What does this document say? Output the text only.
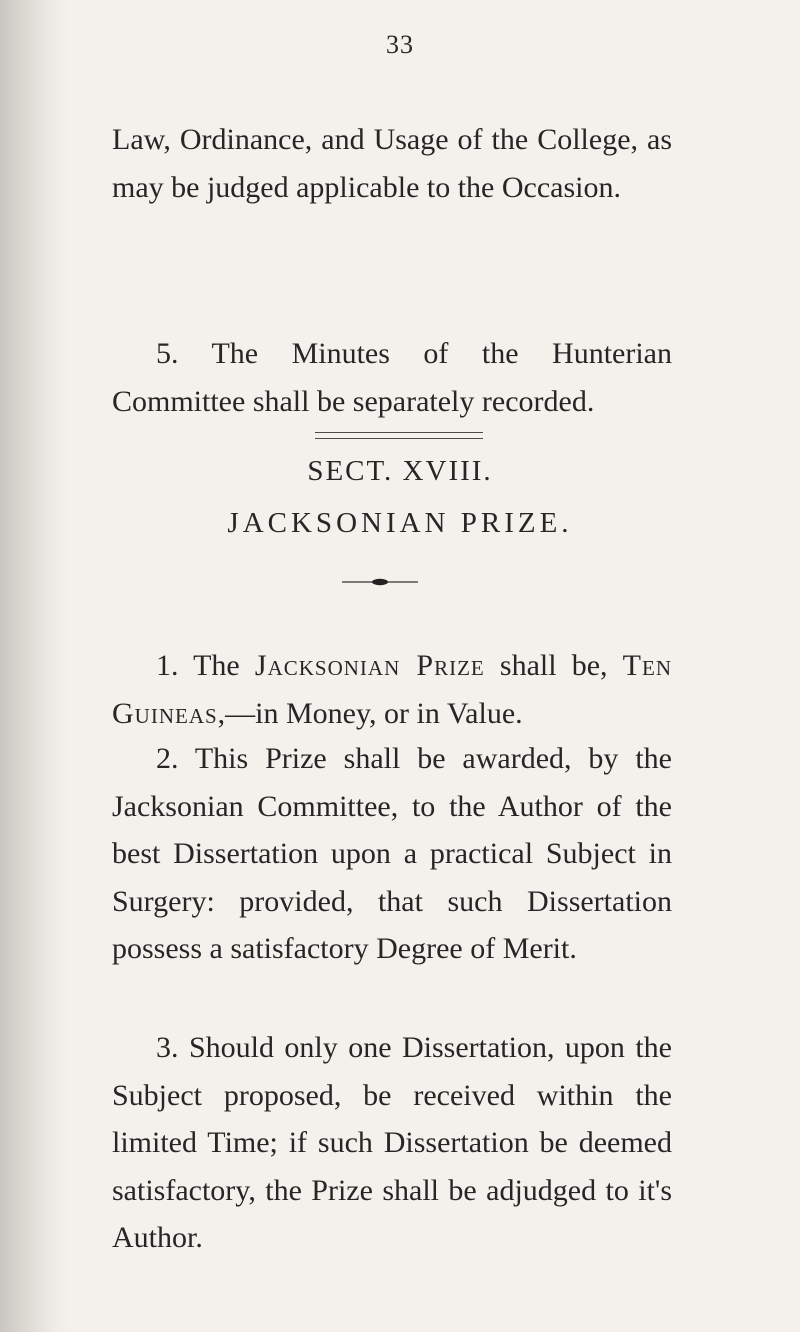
33

Law, Ordinance, and Usage of the College, as may be judged applicable to the Occasion.

5. The Minutes of the Hunterian Committee shall be separately recorded.

SECT. XVIII.
JACKSONIAN PRIZE.

1. The Jacksonian Prize shall be, Ten Guineas,—in Money, or in Value.

2. This Prize shall be awarded, by the Jacksonian Committee, to the Author of the best Dissertation upon a practical Subject in Surgery: provided, that such Dissertation possess a satisfactory Degree of Merit.

3. Should only one Dissertation, upon the Subject proposed, be received within the limited Time; if such Dissertation be deemed satisfactory, the Prize shall be adjudged to it's Author.
